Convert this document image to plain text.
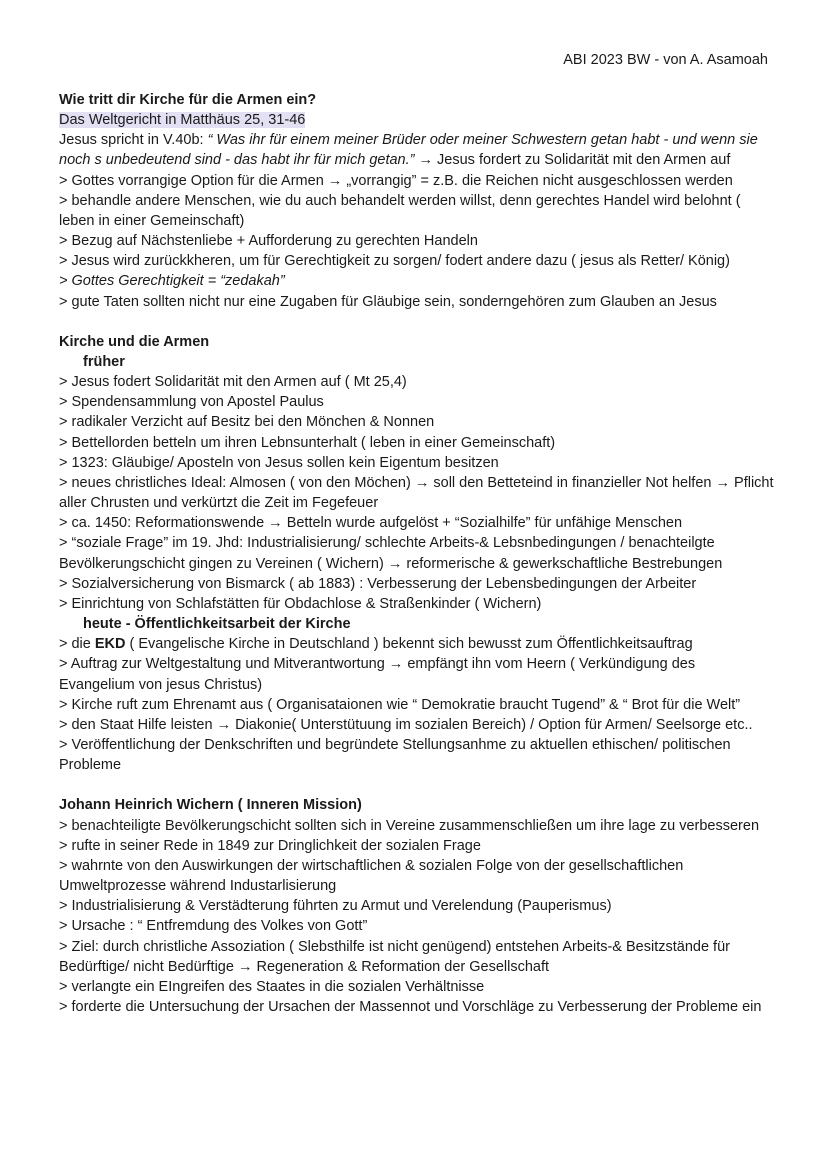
ABI 2023 BW - von A. Asamoah

Wie tritt dir Kirche für die Armen ein?

Das Weltgericht in Matthäus 25, 31-46

Jesus spricht in V.40b: “ Was ihr für einem meiner Brüder oder meiner Schwestern getan habt - und wenn sie noch s unbedeutend sind - das habt ihr für mich getan.” → Jesus fordert zu Solidarität mit den Armen auf

> Gottes vorrangige Option für die Armen → „vorrangig” = z.B. die Reichen nicht ausgeschlossen werden

> behandle andere Menschen, wie du auch behandelt werden willst, denn gerechtes Handel wird belohnt ( leben in einer Gemeinschaft)

> Bezug auf Nächstenliebe + Aufforderung zu gerechten Handeln

> Jesus wird zurückkheren, um für Gerechtigkeit zu sorgen/ fodert andere dazu ( jesus als Retter/ König)

> Gottes Gerechtigkeit = “zedakah”

> gute Taten sollten nicht nur eine Zugaben für Gläubige sein, sonderngehören zum Glauben an Jesus

Kirche und die Armen

früher

> Jesus fodert Solidarität mit den Armen auf ( Mt 25,4)

> Spendensammlung von Apostel Paulus

> radikaler Verzicht auf Besitz bei den Mönchen & Nonnen

> Bettellorden betteln um ihren Lebnsunterhalt ( leben in einer Gemeinschaft)

> 1323: Gläubige/ Aposteln von Jesus sollen kein Eigentum besitzen

> neues christliches Ideal: Almosen ( von den Möchen) → soll den Betteteind in finanzieller Not helfen → Pflicht aller Chrusten und verkürtzt die Zeit im Fegefeuer

> ca. 1450: Reformationswende → Betteln wurde aufgelöst + “Sozialhilfe” für unfähige Menschen

> “soziale Frage” im 19. Jhd: Industrialisierung/ schlechte Arbeits-& Lebsnbedingungen / benachteilgte Bevölkerungschicht gingen zu Vereinen ( Wichern) → reformerische & gewerkschaftliche Bestrebungen

> Sozialversicherung von Bismarck ( ab 1883) : Verbesserung der Lebensbedingungen der Arbeiter

> Einrichtung von Schlafstätten für Obdachlose & Straßenkinder ( Wichern)

heute - Öffentlichkeitsarbeit der Kirche

> die EKD ( Evangelische Kirche in Deutschland ) bekennt sich bewusst zum Öffentlichkeitsauftrag

> Auftrag zur Weltgestaltung und Mitverantwortung → empfängt ihn vom Heern ( Verkündigung des Evangelium von jesus Christus)

> Kirche ruft zum Ehrenamt aus ( Organisataionen wie “ Demokratie braucht Tugend” & “ Brot für die Welt”

> den Staat Hilfe leisten → Diakonie( Unterstütuung im sozialen Bereich) / Option für Armen/ Seelsorge etc..

> Veröffentlichung der Denkschriften und begründete Stellungsanhme zu aktuellen ethischen/ politischen Probleme

Johann Heinrich Wichern ( Inneren Mission)

> benachteiligte Bevölkerungschicht sollten sich in Vereine zusammenschließen um ihre lage zu verbesseren

> rufte in seiner Rede in 1849 zur Dringlichkeit der sozialen Frage

> wahrnte von den Auswirkungen der wirtschaftlichen & sozialen Folge von der gesellschaftlichen Umweltprozesse während Industarlisierung

> Industrialisierung & Verstädterung führten zu Armut und Verelendung (Pauperismus)

> Ursache : “ Entfremdung des Volkes von Gott”

> Ziel: durch christliche Assoziation ( Slebsthilfe ist nicht genügend) entstehen Arbeits-& Besitzstände für Bedürftige/ nicht Bedürftige → Regeneration & Reformation der Gesellschaft

> verlangte ein EIngreifen des Staates in die sozialen Verhältnisse

> forderte die Untersuchung der Ursachen der Massennot und Vorschläge zu Verbesserung der Probleme ein
